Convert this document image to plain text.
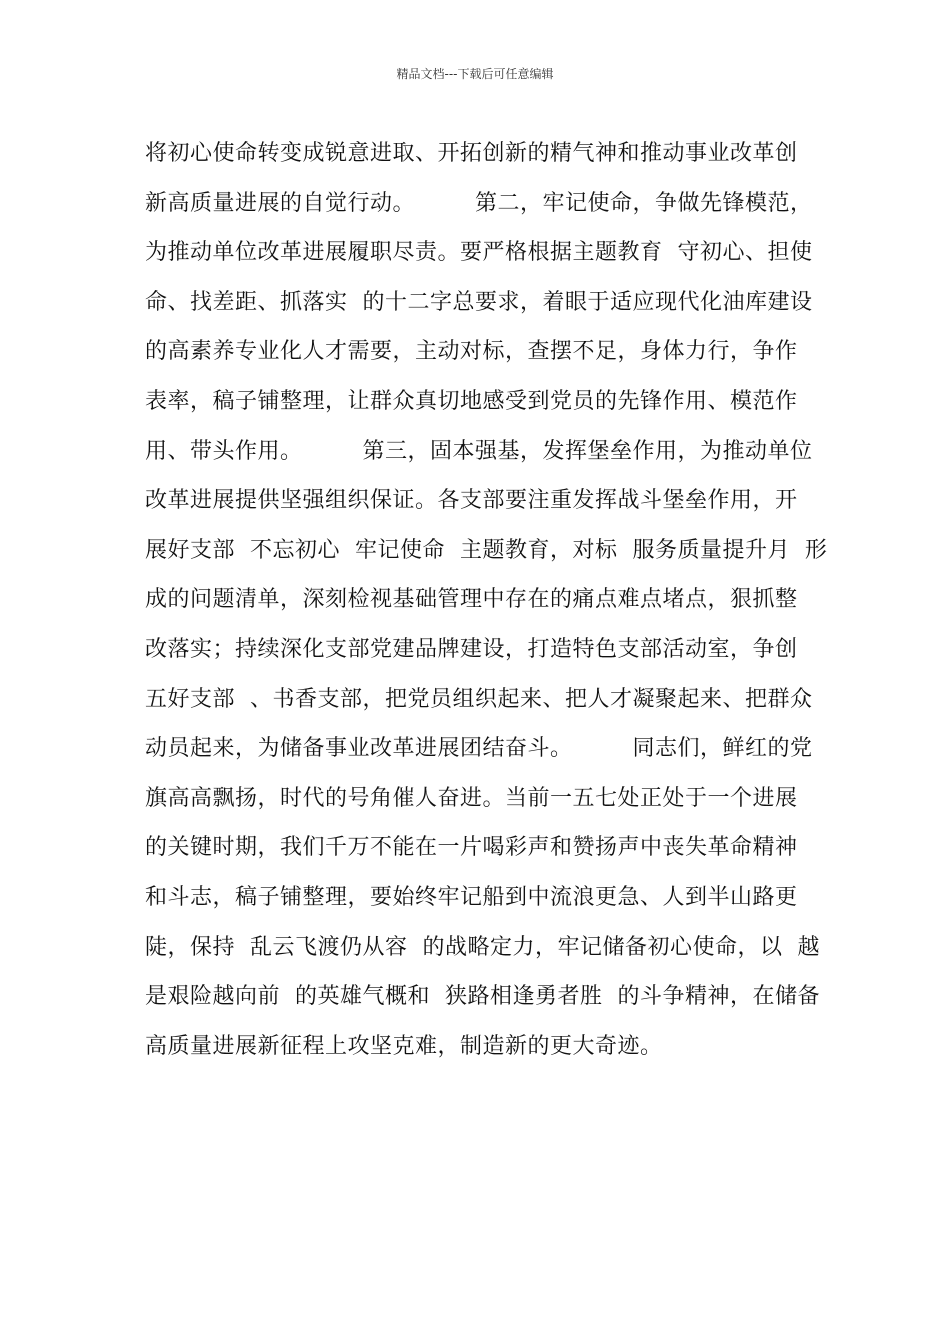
精品文档---下载后可任意编辑
将初心使命转变成锐意进取、开拓创新的精气神和推动事业改革创
新高质量进展的自觉行动。        第二，牢记使命，争做先锋模范，
为推动单位改革进展履职尽责。要严格根据主题教育  守初心、担使
命、找差距、抓落实  的十二字总要求，着眼于适应现代化油库建设
的高素养专业化人才需要，主动对标，查摆不足，身体力行，争作
表率，稿子铺整理，让群众真切地感受到党员的先锋作用、模范作
用、带头作用。        第三，固本强基，发挥堡垒作用，为推动单位
改革进展提供坚强组织保证。各支部要注重发挥战斗堡垒作用，开
展好支部  不忘初心  牢记使命  主题教育，对标  服务质量提升月  形
成的问题清单，深刻检视基础管理中存在的痛点难点堵点，狠抓整
改落实；持续深化支部党建品牌建设，打造特色支部活动室，争创
五好支部  、书香支部，把党员组织起来、把人才凝聚起来、把群众
动员起来，为储备事业改革进展团结奋斗。        同志们，鲜红的党
旗高高飘扬，时代的号角催人奋进。当前一五七处正处于一个进展
的关键时期，我们千万不能在一片喝彩声和赞扬声中丧失革命精神
和斗志，稿子铺整理，要始终牢记船到中流浪更急、人到半山路更
陡，保持  乱云飞渡仍从容  的战略定力，牢记储备初心使命，以  越
是艰险越向前  的英雄气概和  狭路相逢勇者胜  的斗争精神，在储备
高质量进展新征程上攻坚克难，制造新的更大奇迹。
